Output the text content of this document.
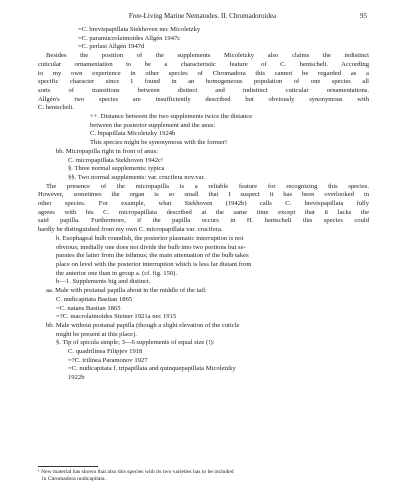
Free-Living Marine Nematodes. II. Chromadoroidea	95
=C. brevispapillata Stekhoven nec Micoletzky
=C. paramucrolaimoides Allgén 1947c
=C. perlasi Allgén 1947d
Besides the position of the supplements Micoletzky also claims the indistinct
cuticular ornamentation to be a characteristic feature of C. hentscheli. According
to my own experience in other species of Chromadora this cannot be regarded as a
specific character since I found in an homogeneous population of one species all
sorts of transitions between distinct and indistinct cuticular ornamentations.
Allgén's two species are insufficiently described but obviously synonymous with
C. hentscheli.
++. Distance between the two supplements twice the distance
between the posterior supplement and the anus:
C. bipapillata Micoletzky 1924b
This species might be synonymous with the former!
bb. Micropapilla right in front of anus:
C. micropapillata Stekhoven 1942c¹
§. Three normal supplements: typica
§§. Two normal supplements: var. cruciferа nov.var.
The presence of the micropapilla is a reliable feature for recognizing this species.
However, sometimes the organ is so small that I suspect it has been overlooked in
other species. For example, what Stekhoven (1942b) calls C. brevispapillata fully
agrees with his C. micropapillata described at the same time except that it lacks the
said papilla. Furthermore, if the papilla occurs in H. hentscheli this species could
hardly be distinguished from my own C. micropapillata var. crucifera.
b. Esophageal bulb roundish, the posterior plasmatic interruption is not
obvious; medially one does not divide the bulb into two portions but se-
parates the latter from the isthmus; the main attenuation of the bulb takes
place on level with the posterior interruption which is less far distant from
the anterior one than in group a. (cf. fig. 150).
b—1. Supplements big and distinct.
aa. Male with postanal papilla about in the middle of the tail:
C. nudicapitata Bastian 1865
=C. natans Bastian 1865
=?C. macrolaimoides Steiner 1921a nec 1915
bb. Male without postanal papilla (though a slight elevation of the cuticle
might be present at this place).
§. Tip of spicula simple; 3—6 supplements of equal size (!):
C. quadrilinea Filipjev 1918
=?C. trilinea Paramonov 1927
=C. nudicapitata f. tripapillata and quinquepapillata Micoletzky
1922b
¹ New material has shown that also this species with its two varieties has to be included
in Chromadora nudicapitata.
